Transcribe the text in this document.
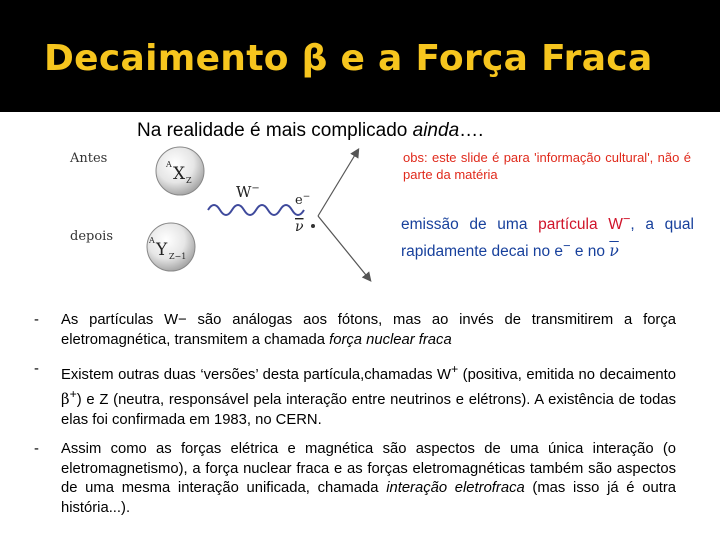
Decaimento β e a Força Fraca
Na realidade é mais complicado ainda….
obs: este slide é para 'informação cultural', não é parte da matéria
emissão de uma partícula W−, a qual rapidamente decai no e− e no $\overline{\nu}$
Antes
depois
A X Z
A Y Z−1
W−
e−
ν
- As partículas W− são análogas aos fótons, mas ao invés de transmitirem a força eletromagnética, transmitem a chamada força nuclear fraca
- Existem outras duas ‘versões’ desta partícula,chamadas W+ (positiva, emitida no decaimento β+) e Z (neutra, responsável pela interação entre neutrinos e elétrons). A existência de todas elas foi confirmada em 1983, no CERN.
- Assim como as forças elétrica e magnética são aspectos de uma única interação (o eletromagnetismo), a força nuclear fraca e as forças eletromagnéticas também são aspectos de uma mesma interação unificada, chamada interação eletrofraca (mas isso já é outra história...).
